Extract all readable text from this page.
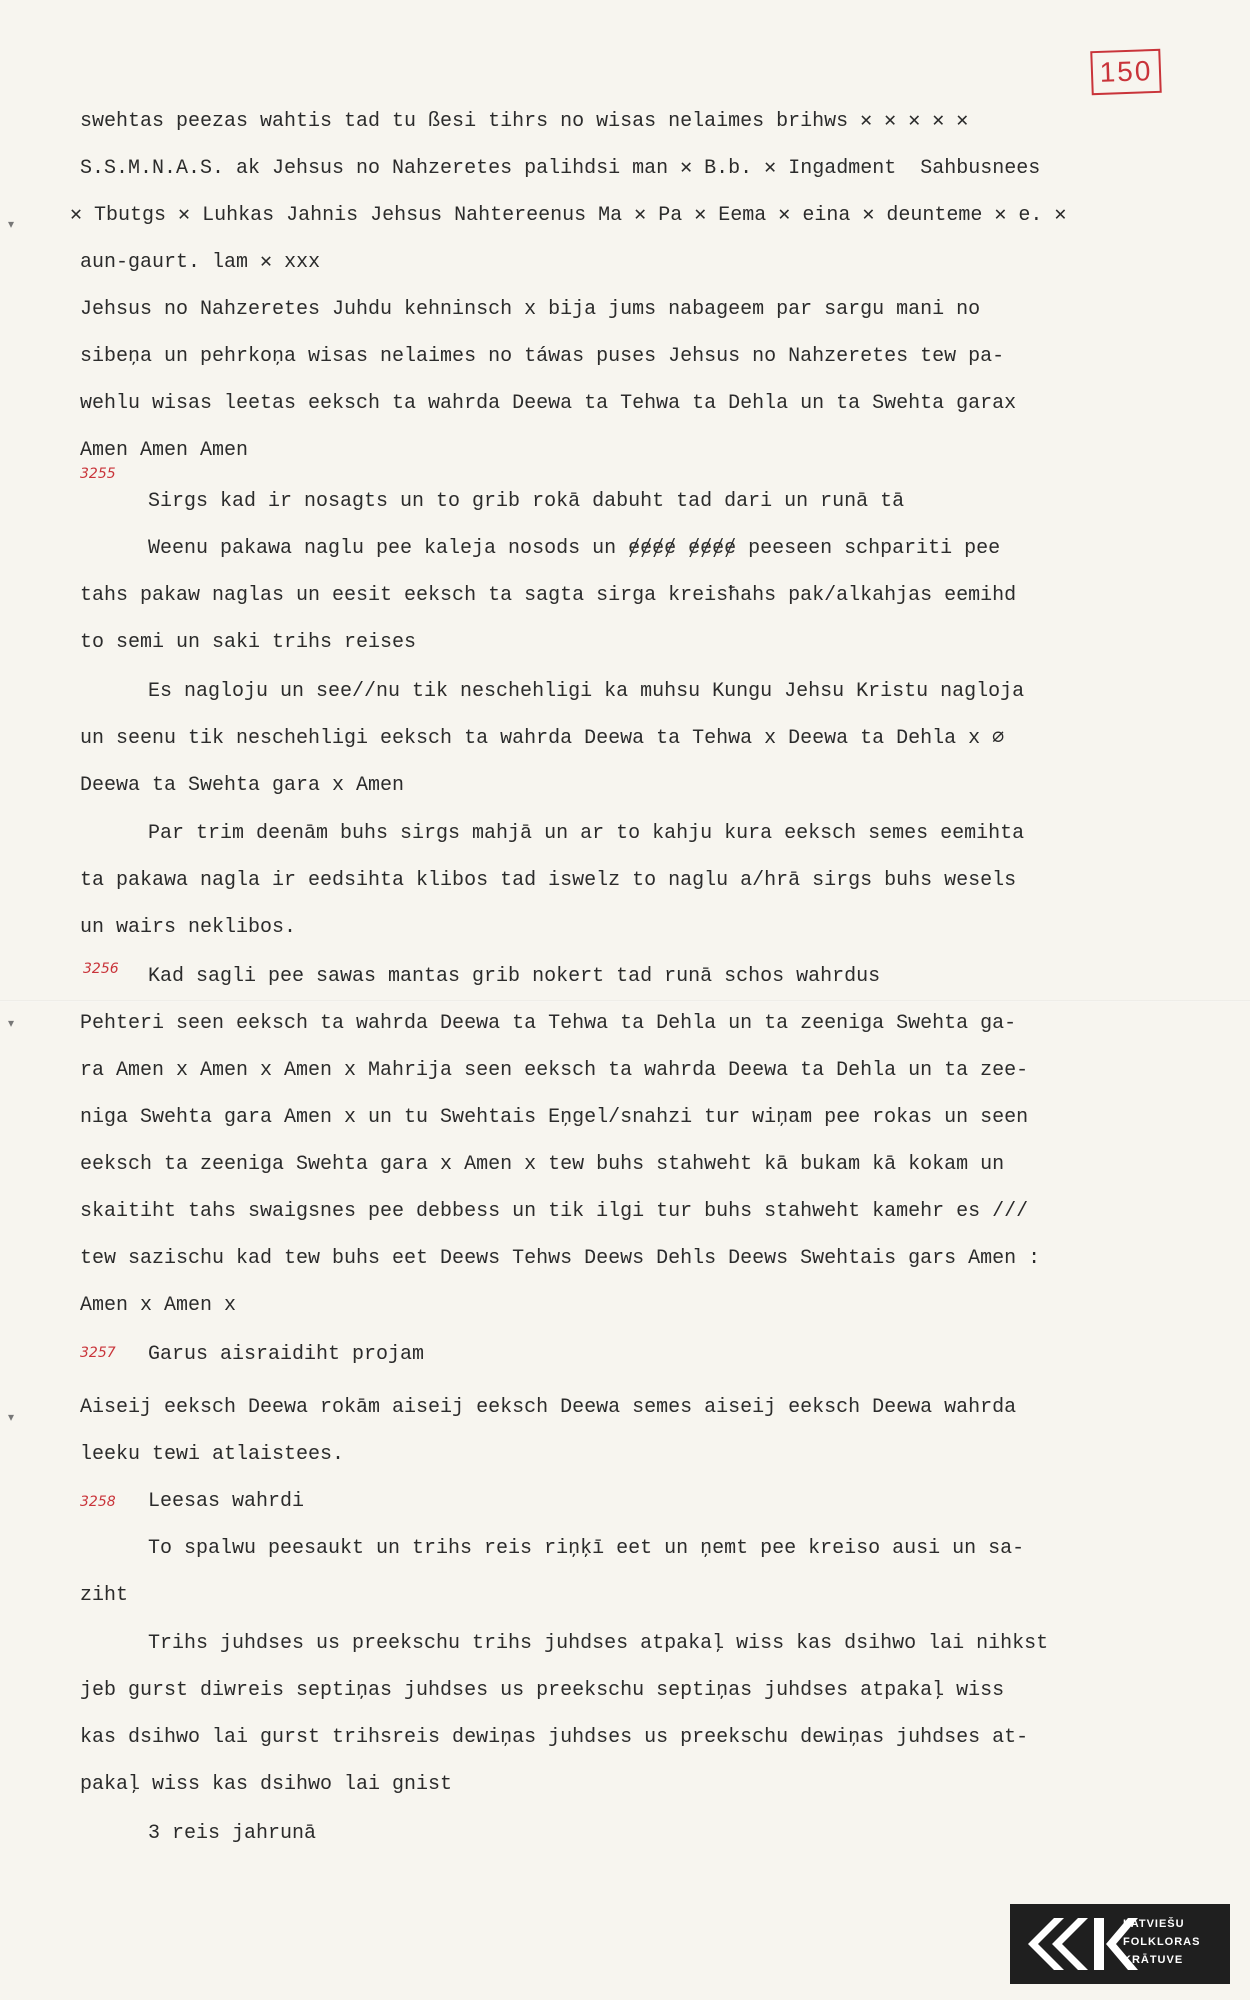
150
▾
▾
▾
3255
3256
3257
3258
swehtas peezas wahtis tad tu ßesi tihrs no wisas nelaimes brihws ✕ ✕ ✕ ✕ ✕
S.S.M.N.A.S. ak Jehsus no Nahzeretes palihdsi man ✕ B.b. ✕ Ingadment  Sahbusnees
✕ Tbutgs ✕ Luhkas Jahnis Jehsus Nahtereenus Ma ✕ Pa ✕ Eema ✕ eina ✕ deunteme ✕ e. ✕
aun-gaurt. lam ✕ xxx
Jehsus no Nahzeretes Juhdu kehninsch x bija jums nabageem par sargu mani no
sibeņa un pehrkoņa wisas nelaimes no táwas puses Jehsus no Nahzeretes tew pa-
wehlu wisas leetas eeksch ta wahrda Deewa ta Tehwa ta Dehla un ta Swehta garax
Amen Amen Amen
Sirgs kad ir nosagts un to grib rokā dabuht tad dari un runā tā
Weenu pakawa naglu pee kaleja nosods un ɇɇɇɇ ɇɇɇɇ peeseen schpariti pee
tahs pakaw naglas un eesit eeksch ta sagta sirga kreisħahs pak/alkahjas eemihd
to semi un saki trihs reises
Es nagloju un see//nu tik neschehligi ka muhsu Kungu Jehsu Kristu nagloja
un seenu tik neschehligi eeksch ta wahrda Deewa ta Tehwa x Deewa ta Dehla x ∅
Deewa ta Swehta gara x Amen
Par trim deenām buhs sirgs mahjā un ar to kahju kura eeksch semes eemihta
ta pakawa nagla ir eedsihta klibos tad iswelz to naglu a/hrā sirgs buhs wesels
un wairs neklibos.
Kad sagli pee sawas mantas grib nokert tad runā schos wahrdus
Pehteri seen eeksch ta wahrda Deewa ta Tehwa ta Dehla un ta zeeniga Swehta ga-
ra Amen x Amen x Amen x Mahrija seen eeksch ta wahrda Deewa ta Dehla un ta zee-
niga Swehta gara Amen x un tu Swehtais Eņgel/snahzi tur wiņam pee rokas un seen
eeksch ta zeeniga Swehta gara x Amen x tew buhs stahweht kā bukam kā kokam un
skaitiht tahs swaigsnes pee debbess un tik ilgi tur buhs stahweht kamehr es ///
tew sazischu kad tew buhs eet Deews Tehws Deews Dehls Deews Swehtais gars Amen :
Amen x Amen x
Garus aisraidiht projam
Aiseij eeksch Deewa rokām aiseij eeksch Deewa semes aiseij eeksch Deewa wahrda
leeku tewi atlaistees.
Leesas wahrdi
To spalwu peesaukt un trihs reis riņķī eet un ņemt pee kreiso ausi un sa-
ziht
Trihs juhdses us preekschu trihs juhdses atpakaļ wiss kas dsihwo lai nihkst
jeb gurst diwreis septiņas juhdses us preekschu septiņas juhdses atpakaļ wiss
kas dsihwo lai gurst trihsreis dewiņas juhdses us preekschu dewiņas juhdses at-
pakaļ wiss kas dsihwo lai gnist
3 reis jahrunā
LATVIEŠU
FOLKLORAS
KRĀTUVE
